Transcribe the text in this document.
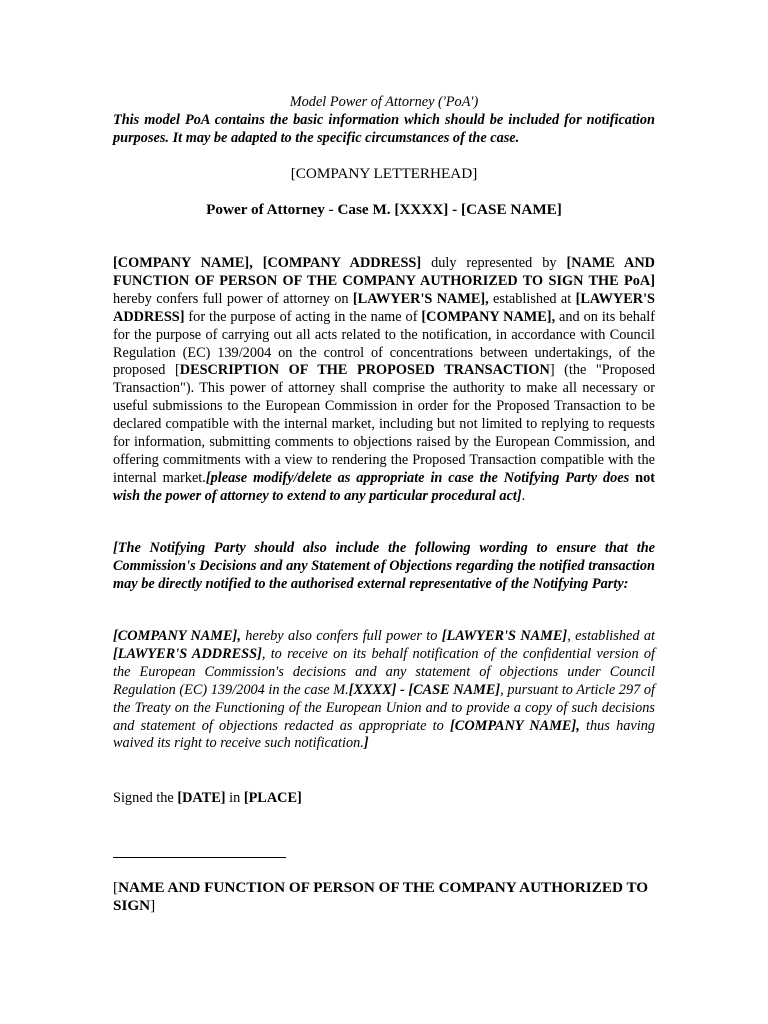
Model Power of Attorney ('PoA')
This model PoA contains the basic information which should be included for notification purposes. It may be adapted to the specific circumstances of the case.
[COMPANY LETTERHEAD]
Power of Attorney - Case M. [XXXX] - [CASE NAME]

[COMPANY NAME], [COMPANY ADDRESS] duly represented by [NAME AND FUNCTION OF PERSON OF THE COMPANY AUTHORIZED TO SIGN THE PoA] hereby confers full power of attorney on [LAWYER'S NAME], established at [LAWYER'S ADDRESS] for the purpose of acting in the name of [COMPANY NAME], and on its behalf for the purpose of carrying out all acts related to the notification, in accordance with Council Regulation (EC) 139/2004 on the control of concentrations between undertakings, of the proposed [DESCRIPTION OF THE PROPOSED TRANSACTION] (the "Proposed Transaction"). This power of attorney shall comprise the authority to make all necessary or useful submissions to the European Commission in order for the Proposed Transaction to be declared compatible with the internal market, including but not limited to replying to requests for information, submitting comments to objections raised by the European Commission, and offering commitments with a view to rendering the Proposed Transaction compatible with the internal market.[please modify/delete as appropriate in case the Notifying Party does not wish the power of attorney to extend to any particular procedural act].

[The Notifying Party should also include the following wording to ensure that the Commission's Decisions and any Statement of Objections regarding the notified transaction may be directly notified to the authorised external representative of the Notifying Party:

[COMPANY NAME], hereby also confers full power to [LAWYER'S NAME], established at [LAWYER'S ADDRESS], to receive on its behalf notification of the confidential version of the European Commission's decisions and any statement of objections under Council Regulation (EC) 139/2004 in the case M.[XXXX] - [CASE NAME], pursuant to Article 297 of the Treaty on the Functioning of the European Union and to provide a copy of such decisions and statement of objections redacted as appropriate to [COMPANY NAME], thus having waived its right to receive such notification.]

Signed the [DATE] in [PLACE]

[NAME AND FUNCTION OF PERSON OF THE COMPANY AUTHORIZED TO SIGN]
